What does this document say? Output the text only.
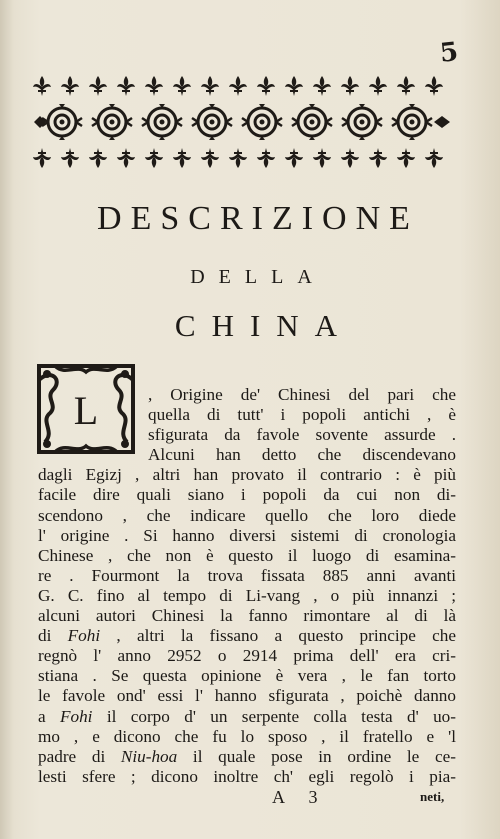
5
DESCRIZIONE
DELLA
CHINA
L	, Origine de' Chinesi del pari che
quella di tutt' i popoli antichi , è
sfigurata da favole sovente assurde .
Alcuni han detto che discendevano
dagli Egizj , altri han provato il contrario : è più
facile dire quali siano i popoli da cui non di-
scendono , che indicare quello che loro diede
l' origine . Si hanno diversi sistemi di cronologia
Chinese , che non è questo il luogo di esamina-
re . Fourmont la trova fissata 885 anni avanti
G. C. fino al tempo di Li-vang , o più innanzi ;
alcuni autori Chinesi la fanno rimontare al di là
di Fohi , altri la fissano a questo principe che
regnò l' anno 2952 o 2914 prima dell' era cri-
stiana . Se questa opinione è vera , le fan torto
le favole ond' essi l' hanno sfigurata , poichè danno
a Fohi il corpo d' un serpente colla testa d' uo-
mo , e dicono che fu lo sposo , il fratello e 'l
padre di Niu-hoa il quale pose in ordine le ce-
lesti sfere ; dicono inoltre ch' egli regolò i pia-
A 3	neti,
